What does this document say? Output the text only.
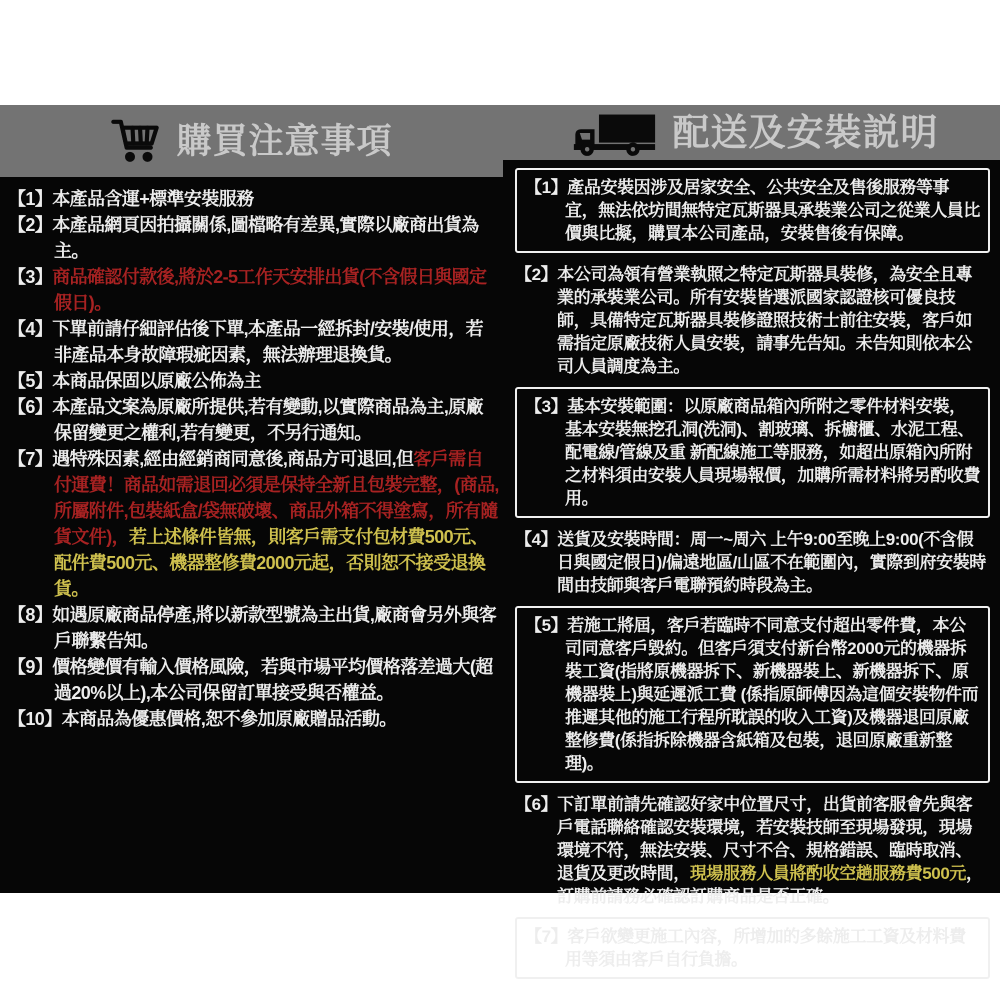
購買注意事項
【1】本產品含運+標準安裝服務
【2】本產品網頁因拍攝關係,圖檔略有差異,實際以廠商出貨為主。
【3】商品確認付款後,將於2-5工作天安排出貨(不含假日與國定假日)。
【4】下單前請仔細評估後下單,本產品一經拆封/安裝/使用，若非產品本身故障瑕疵因素，無法辦理退換貨。
【5】本商品保固以原廠公佈為主
【6】本產品文案為原廠所提供,若有變動,以實際商品為主,原廠保留變更之權利,若有變更，不另行通知。
【7】遇特殊因素,經由經銷商同意後,商品方可退回,但客戶需自付運費！商品如需退回必須是保持全新且包裝完整，(商品,所屬附件,包裝紙盒/袋無破壞、商品外箱不得塗寫，所有隨貨文件)，若上述條件皆無，則客戶需支付包材費500元、配件費500元、機器整修費2000元起，否則恕不接受退換貨。
【8】如遇原廠商品停產,將以新款型號為主出貨,廠商會另外與客戶聯繫告知。
【9】價格變價有輸入價格風險，若與市場平均價格落差過大(超過20%以上),本公司保留訂單接受與否權益。
【10】本商品為優惠價格,恕不參加原廠贈品活動。
配送及安裝説明
【1】產品安裝因涉及居家安全、公共安全及售後服務等事宜，無法依坊間無特定瓦斯器具承裝業公司之從業人員比價與比擬，購買本公司產品，安裝售後有保障。
【2】本公司為領有營業執照之特定瓦斯器具裝修，為安全且專業的承裝業公司。所有安裝皆選派國家認證核可優良技師，具備特定瓦斯器具裝修證照技術士前往安裝，客戶如需指定原廠技術人員安裝，請事先告知。未告知則依本公司人員調度為主。
【3】基本安裝範圍：以原廠商品箱內所附之零件材料安裝，基本安裝無挖孔洞(洗洞)、割玻璃、拆櫥櫃、水泥工程、配電線/管線及重 新配線施工等服務，如超出原箱內所附之材料須由安裝人員現場報價，加購所需材料將另酌收費用。
【4】送貨及安裝時間：周一~周六 上午9:00至晚上9:00(不含假日與國定假日)/偏遠地區/山區不在範圍內，實際到府安裝時間由技師與客戶電聯預約時段為主。
【5】若施工將屆，客戶若臨時不同意支付超出零件費，本公司同意客戶毀約。但客戶須支付新台幣2000元的機器拆裝工資(指將原機器拆下、新機器裝上、新機器拆下、原機器裝上)與延遲派工費 (係指原師傅因為這個安裝物件而推遲其他的施工行程所耽誤的收入工資)及機器退回原廠整修費(係指拆除機器含紙箱及包裝，退回原廠重新整理)。
【6】下訂單前請先確認好家中位置尺寸，出貨前客服會先與客戶電話聯絡確認安裝環境，若安裝技師至現場發現，現場環境不符，無法安裝、尺寸不合、規格錯誤、臨時取消、退貨及更改時間，現場服務人員將酌收空趟服務費500元，訂購前請務必確認訂購商品是否正確。
【7】客戶欲變更施工內容，所增加的多餘施工工資及材料費用等須由客戶自行負擔。
